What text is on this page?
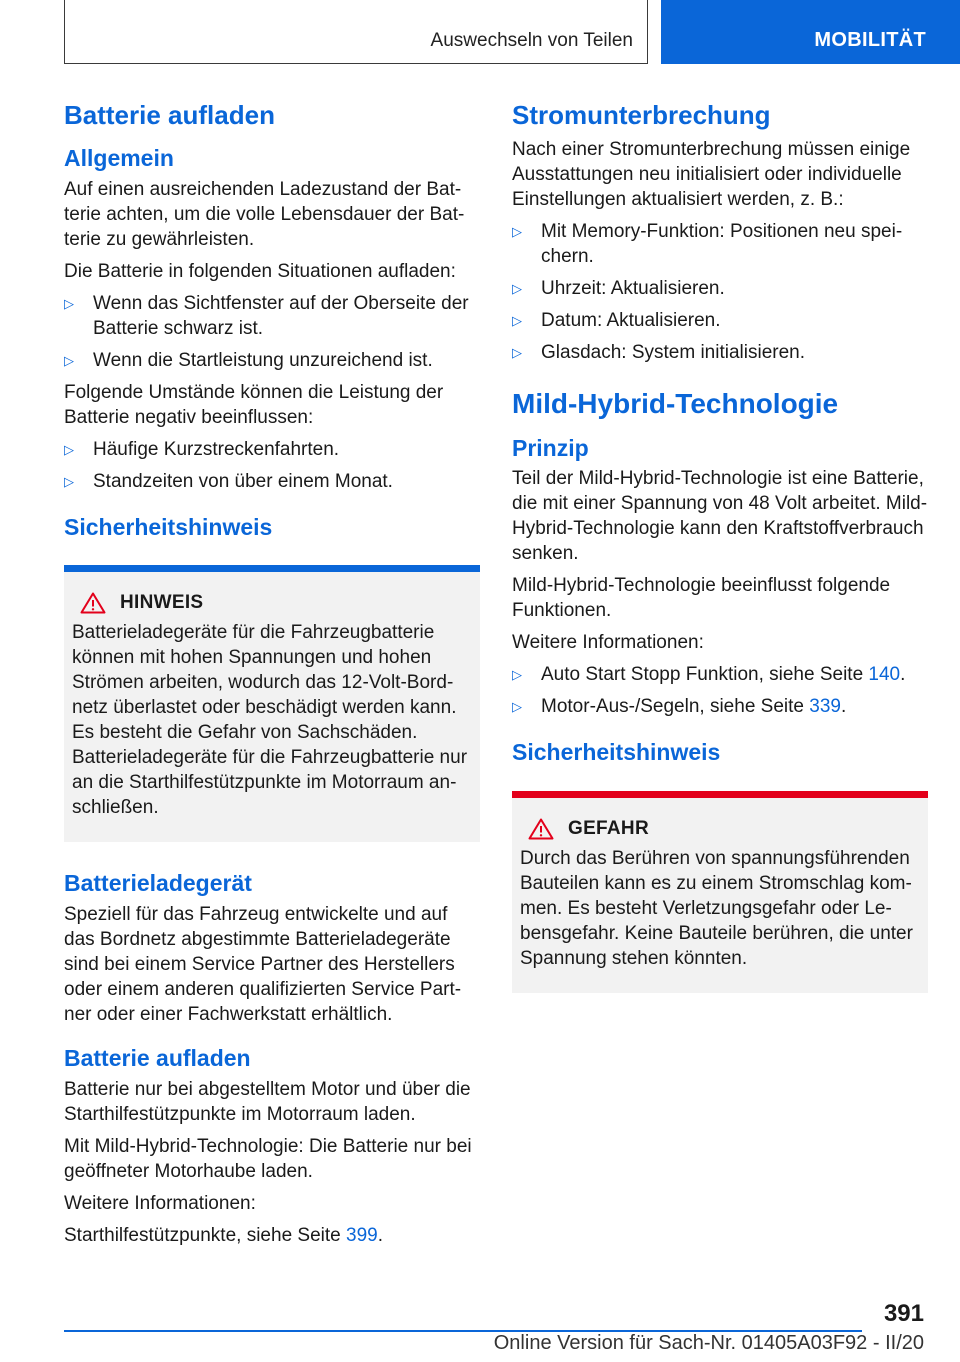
Auswechseln von Teilen	MOBILITÄT
Batterie aufladen
Allgemein

Auf einen ausreichenden Ladezustand der Batterie achten, um die volle Lebensdauer der Batterie zu gewährleisten.

Die Batterie in folgenden Situationen aufladen:

▷ Wenn das Sichtfenster auf der Oberseite der Batterie schwarz ist.
▷ Wenn die Startleistung unzureichend ist.

Folgende Umstände können die Leistung der Batterie negativ beeinflussen:

▷ Häufige Kurzstreckenfahrten.
▷ Standzeiten von über einem Monat.
Sicherheitshinweis
HINWEIS

Batterieladegeräte für die Fahrzeugbatterie können mit hohen Spannungen und hohen Strömen arbeiten, wodurch das 12-Volt-Bordnetz überlastet oder beschädigt werden kann. Es besteht die Gefahr von Sachschäden. Batterieladegeräte für die Fahrzeugbatterie nur an die Starthilfestützpunkte im Motorraum anschließen.

Batterieladegerät

Speziell für das Fahrzeug entwickelte und auf das Bordnetz abgestimmte Batterieladegeräte sind bei einem Service Partner des Herstellers oder einem anderen qualifizierten Service Partner oder einer Fachwerkstatt erhältlich.

Batterie aufladen

Batterie nur bei abgestelltem Motor und über die Starthilfestützpunkte im Motorraum laden.

Mit Mild-Hybrid-Technologie: Die Batterie nur bei geöffneter Motorhaube laden.

Weitere Informationen:

Starthilfestützpunkte, siehe Seite 399.

Stromunterbrechung

Nach einer Stromunterbrechung müssen einige Ausstattungen neu initialisiert oder individuelle Einstellungen aktualisiert werden, z. B.:

▷ Mit Memory-Funktion: Positionen neu speichern.
▷ Uhrzeit: Aktualisieren.
▷ Datum: Aktualisieren.
▷ Glasdach: System initialisieren.
Mild-Hybrid-Technologie
Prinzip

Teil der Mild-Hybrid-Technologie ist eine Batterie, die mit einer Spannung von 48 Volt arbeitet. Mild-Hybrid-Technologie kann den Kraftstoffverbrauch senken.

Mild-Hybrid-Technologie beeinflusst folgende Funktionen.

Weitere Informationen:

▷ Auto Start Stopp Funktion, siehe Seite 140.
▷ Motor-Aus-/Segeln, siehe Seite 339.
Sicherheitshinweis
GEFAHR

Durch das Berühren von spannungsführenden Bauteilen kann es zu einem Stromschlag kommen. Es besteht Verletzungsgefahr oder Lebensgefahr. Keine Bauteile berühren, die unter Spannung stehen könnten.

391
Online Version für Sach-Nr. 01405A03F92 - II/20
